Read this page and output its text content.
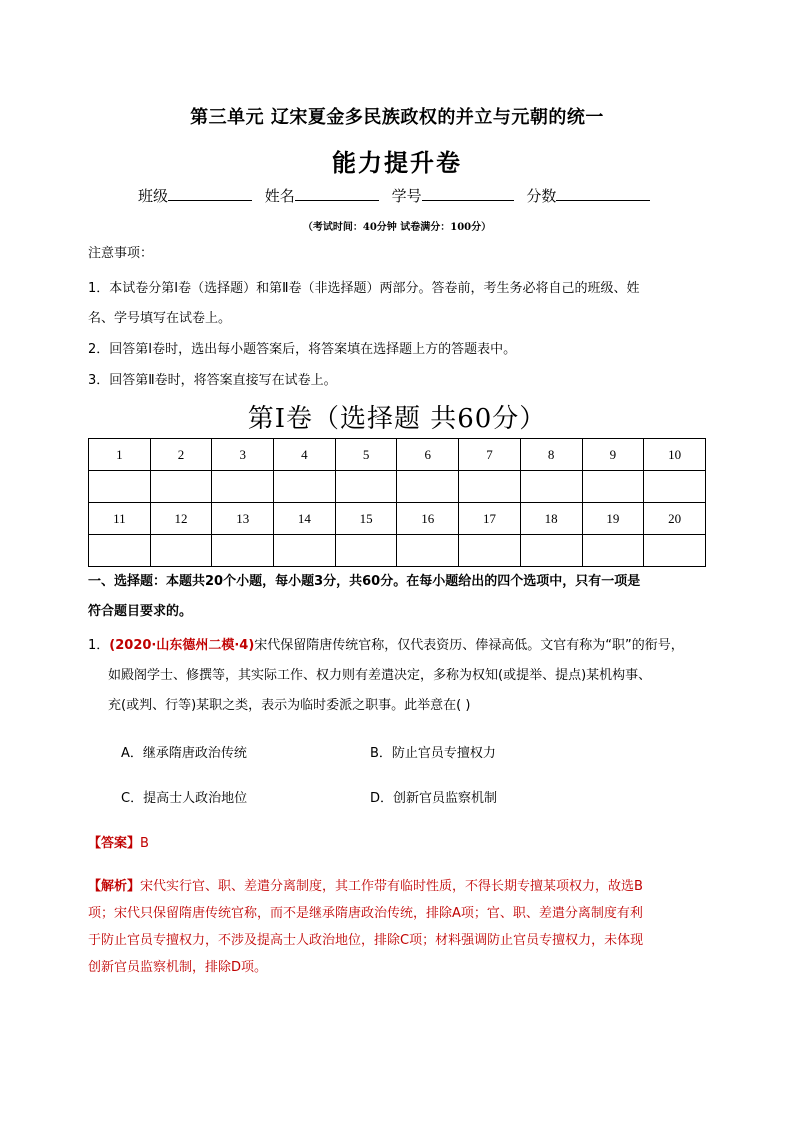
第三单元 辽宋夏金多民族政权的并立与元朝的统一
能力提升卷
班级	姓名	学号	分数
（考试时间：40分钟 试卷满分：100分）
注意事项：
1．本试卷分第Ⅰ卷（选择题）和第Ⅱ卷（非选择题）两部分。答卷前，考生务必将自己的班级、姓
名、学号填写在试卷上。
2．回答第Ⅰ卷时，选出每小题答案后，将答案填在选择题上方的答题表中。
3．回答第Ⅱ卷时，将答案直接写在试卷上。
第Ⅰ卷（选择题 共60分）
1	2	3	4	5	6	7	8	9	10

11	12	13	14	15	16	17	18	19	20

一、选择题：本题共20个小题，每小题3分，共60分。在每小题给出的四个选项中，只有一项是
符合题目要求的。
1．(2020·山东德州二模·4)宋代保留隋唐传统官称，仅代表资历、俸禄高低。文官有称为“职”的衔号，
如殿阁学士、修撰等，其实际工作、权力则有差遣决定，多称为权知(或提举、提点)某机构事、
充(或判、行等)某职之类，表示为临时委派之职事。此举意在( )
A．继承隋唐政治传统	B．防止官员专擅权力
C．提高士人政治地位	D．创新官员监察机制
【答案】B
【解析】宋代实行官、职、差遣分离制度，其工作带有临时性质，不得长期专擅某项权力，故选B
项；宋代只保留隋唐传统官称，而不是继承隋唐政治传统，排除A项；官、职、差遣分离制度有利
于防止官员专擅权力，不涉及提高士人政治地位，排除C项；材料强调防止官员专擅权力，未体现
创新官员监察机制，排除D项。
